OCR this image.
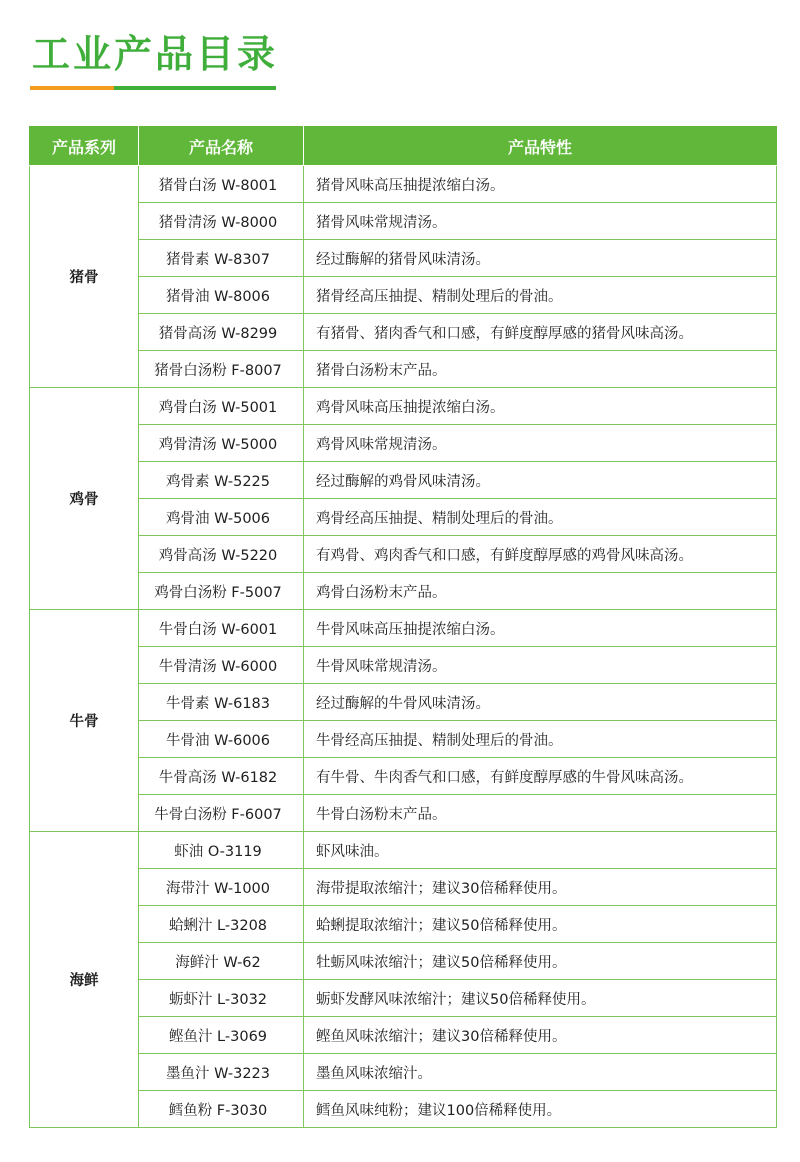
工业产品目录
产品系列	产品名称	产品特性
猪骨	猪骨白汤 W-8001	猪骨风味高压抽提浓缩白汤。
	猪骨清汤 W-8000	猪骨风味常规清汤。
	猪骨素 W-8307	经过酶解的猪骨风味清汤。
	猪骨油 W-8006	猪骨经高压抽提、精制处理后的骨油。
	猪骨高汤 W-8299	有猪骨、猪肉香气和口感，有鲜度醇厚感的猪骨风味高汤。
	猪骨白汤粉 F-8007	猪骨白汤粉末产品。
鸡骨	鸡骨白汤 W-5001	鸡骨风味高压抽提浓缩白汤。
	鸡骨清汤 W-5000	鸡骨风味常规清汤。
	鸡骨素 W-5225	经过酶解的鸡骨风味清汤。
	鸡骨油 W-5006	鸡骨经高压抽提、精制处理后的骨油。
	鸡骨高汤 W-5220	有鸡骨、鸡肉香气和口感，有鲜度醇厚感的鸡骨风味高汤。
	鸡骨白汤粉 F-5007	鸡骨白汤粉末产品。
牛骨	牛骨白汤 W-6001	牛骨风味高压抽提浓缩白汤。
	牛骨清汤 W-6000	牛骨风味常规清汤。
	牛骨素 W-6183	经过酶解的牛骨风味清汤。
	牛骨油 W-6006	牛骨经高压抽提、精制处理后的骨油。
	牛骨高汤 W-6182	有牛骨、牛肉香气和口感，有鲜度醇厚感的牛骨风味高汤。
	牛骨白汤粉 F-6007	牛骨白汤粉末产品。
海鲜	虾油 O-3119	虾风味油。
	海带汁 W-1000	海带提取浓缩汁；建议30倍稀释使用。
	蛤蜊汁 L-3208	蛤蜊提取浓缩汁；建议50倍稀释使用。
	海鲜汁 W-62	牡蛎风味浓缩汁；建议50倍稀释使用。
	蛎虾汁 L-3032	蛎虾发酵风味浓缩汁；建议50倍稀释使用。
	鲣鱼汁 L-3069	鲣鱼风味浓缩汁；建议30倍稀释使用。
	墨鱼汁 W-3223	墨鱼风味浓缩汁。
	鳕鱼粉 F-3030	鳕鱼风味纯粉；建议100倍稀释使用。
